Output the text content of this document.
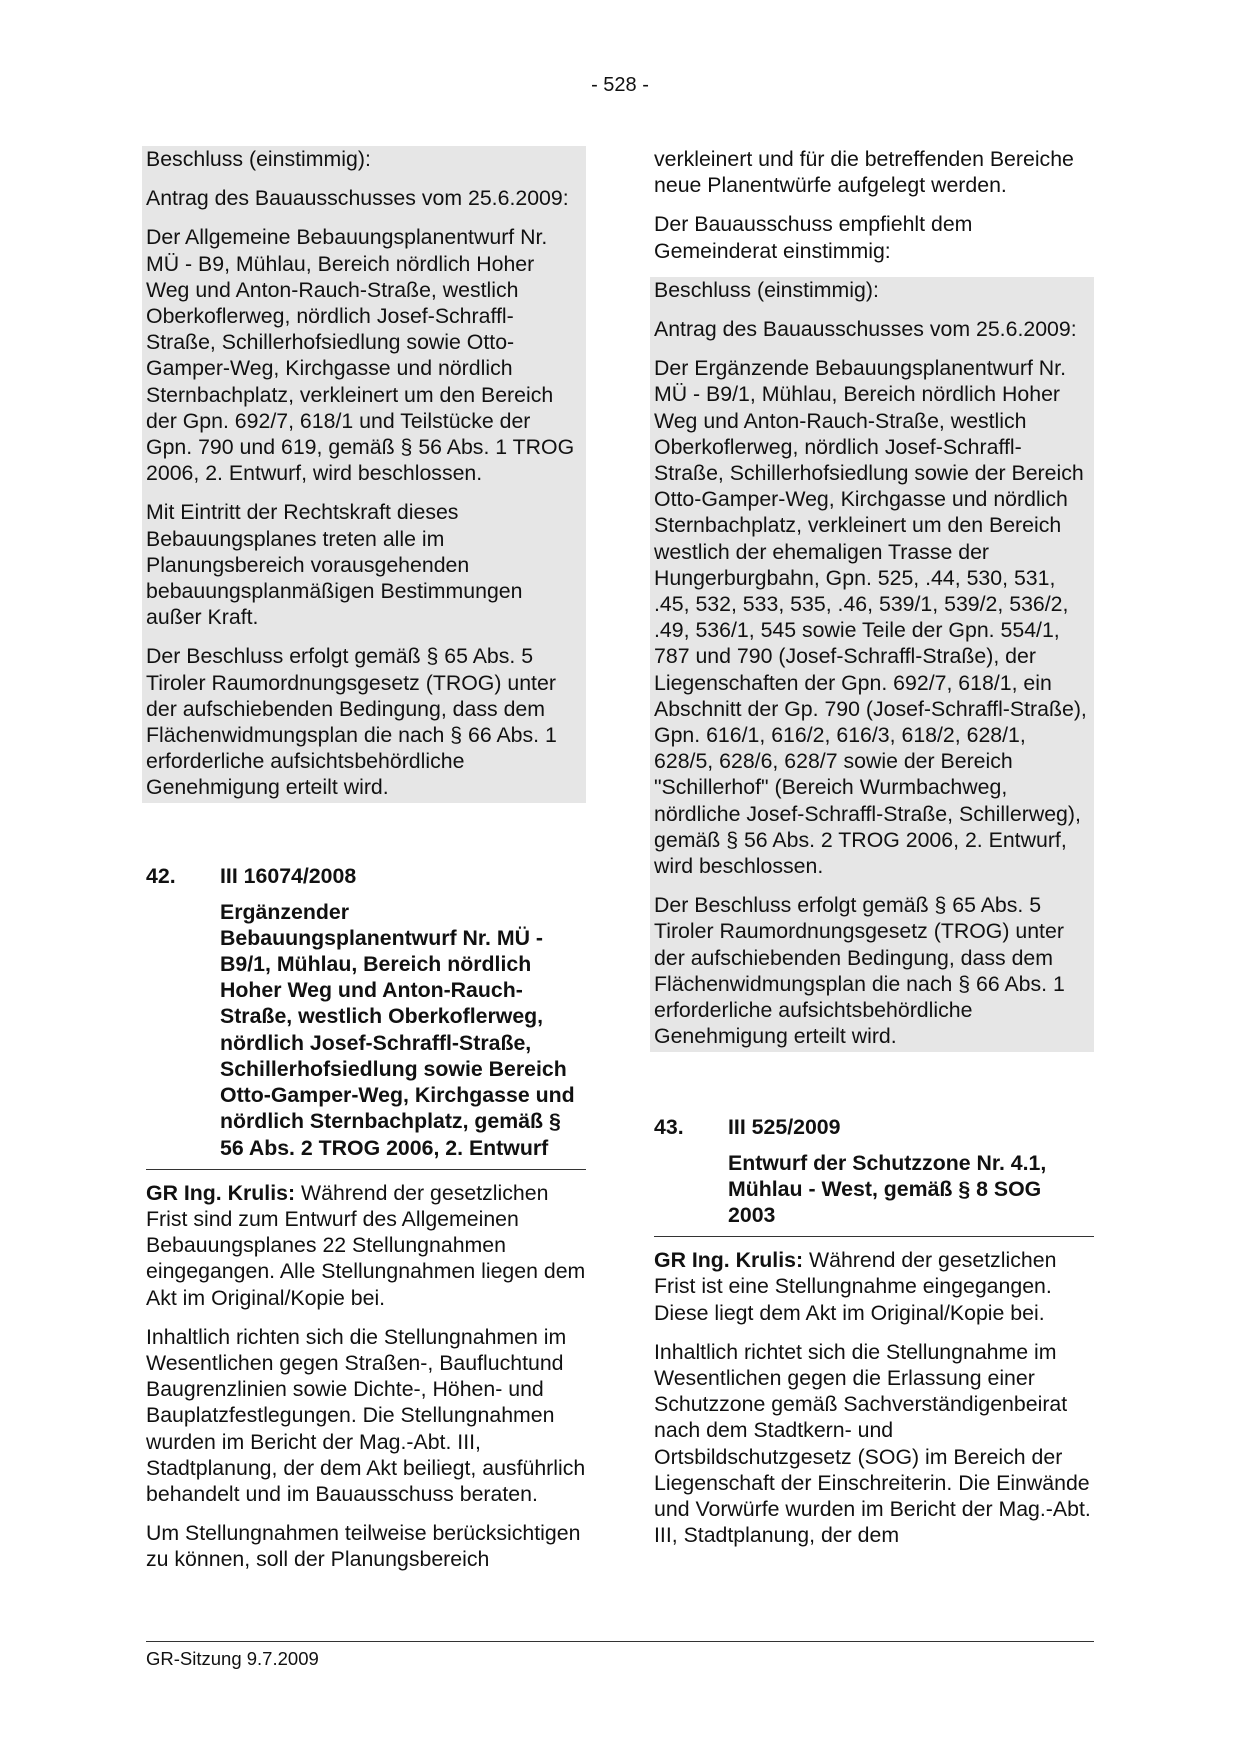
- 528 -

Beschluss (einstimmig):

Antrag des Bauausschusses vom 25.6.2009:

Der Allgemeine Bebauungsplanentwurf Nr. MÜ - B9, Mühlau, Bereich nördlich Hoher Weg und Anton-Rauch-Straße, westlich Oberkoflerweg, nördlich Josef-Schraffl-Straße, Schillerhofsiedlung sowie Otto-Gamper-Weg, Kirchgasse und nördlich Sternbachplatz, verkleinert um den Bereich der Gpn. 692/7, 618/1 und Teilstücke der Gpn. 790 und 619, gemäß § 56 Abs. 1 TROG 2006, 2. Entwurf, wird beschlossen.

Mit Eintritt der Rechtskraft dieses Bebauungsplanes treten alle im Planungsbereich vorausgehenden bebauungsplanmäßigen Bestimmungen außer Kraft.

Der Beschluss erfolgt gemäß § 65 Abs. 5 Tiroler Raumordnungsgesetz (TROG) unter der aufschiebenden Bedingung, dass dem Flächenwidmungsplan die nach § 66 Abs. 1 erforderliche aufsichtsbehördliche Genehmigung erteilt wird.

42.	III 16074/2008
Ergänzender Bebauungsplanentwurf Nr. MÜ - B9/1, Mühlau, Bereich nördlich Hoher Weg und Anton-Rauch-Straße, westlich Oberkoflerweg, nördlich Josef-Schraffl-Straße, Schillerhofsiedlung sowie Bereich Otto-Gamper-Weg, Kirchgasse und nördlich Sternbachplatz, gemäß § 56 Abs. 2 TROG 2006, 2. Entwurf

GR Ing. Krulis: Während der gesetzlichen Frist sind zum Entwurf des Allgemeinen Bebauungsplanes 22 Stellungnahmen eingegangen. Alle Stellungnahmen liegen dem Akt im Original/Kopie bei.

Inhaltlich richten sich die Stellungnahmen im Wesentlichen gegen Straßen-, Baufluchtund Baugrenzlinien sowie Dichte-, Höhen- und Bauplatzfestlegungen. Die Stellungnahmen wurden im Bericht der Mag.-Abt. III, Stadtplanung, der dem Akt beiliegt, ausführlich behandelt und im Bauausschuss beraten.

Um Stellungnahmen teilweise berücksichtigen zu können, soll der Planungsbereich

verkleinert und für die betreffenden Bereiche neue Planentwürfe aufgelegt werden.

Der Bauausschuss empfiehlt dem Gemeinderat einstimmig:

Beschluss (einstimmig):

Antrag des Bauausschusses vom 25.6.2009:

Der Ergänzende Bebauungsplanentwurf Nr. MÜ - B9/1, Mühlau, Bereich nördlich Hoher Weg und Anton-Rauch-Straße, westlich Oberkoflerweg, nördlich Josef-Schraffl-Straße, Schillerhofsiedlung sowie der Bereich Otto-Gamper-Weg, Kirchgasse und nördlich Sternbachplatz, verkleinert um den Bereich westlich der ehemaligen Trasse der Hungerburgbahn, Gpn. 525, .44, 530, 531, .45, 532, 533, 535, .46, 539/1, 539/2, 536/2, .49, 536/1, 545 sowie Teile der Gpn. 554/1, 787 und 790 (Josef-Schraffl-Straße), der Liegenschaften der Gpn. 692/7, 618/1, ein Abschnitt der Gp. 790 (Josef-Schraffl-Straße), Gpn. 616/1, 616/2, 616/3, 618/2, 628/1, 628/5, 628/6, 628/7 sowie der Bereich "Schillerhof" (Bereich Wurmbachweg, nördliche Josef-Schraffl-Straße, Schillerweg), gemäß § 56 Abs. 2 TROG 2006, 2. Entwurf, wird beschlossen.

Der Beschluss erfolgt gemäß § 65 Abs. 5 Tiroler Raumordnungsgesetz (TROG) unter der aufschiebenden Bedingung, dass dem Flächenwidmungsplan die nach § 66 Abs. 1 erforderliche aufsichtsbehördliche Genehmigung erteilt wird.

43.	III 525/2009
Entwurf der Schutzzone Nr. 4.1, Mühlau - West, gemäß § 8 SOG 2003

GR Ing. Krulis: Während der gesetzlichen Frist ist eine Stellungnahme eingegangen. Diese liegt dem Akt im Original/Kopie bei.

Inhaltlich richtet sich die Stellungnahme im Wesentlichen gegen die Erlassung einer Schutzzone gemäß Sachverständigenbeirat nach dem Stadtkern- und Ortsbildschutzgesetz (SOG) im Bereich der Liegenschaft der Einschreiterin. Die Einwände und Vorwürfe wurden im Bericht der Mag.-Abt. III, Stadtplanung, der dem

GR-Sitzung 9.7.2009
